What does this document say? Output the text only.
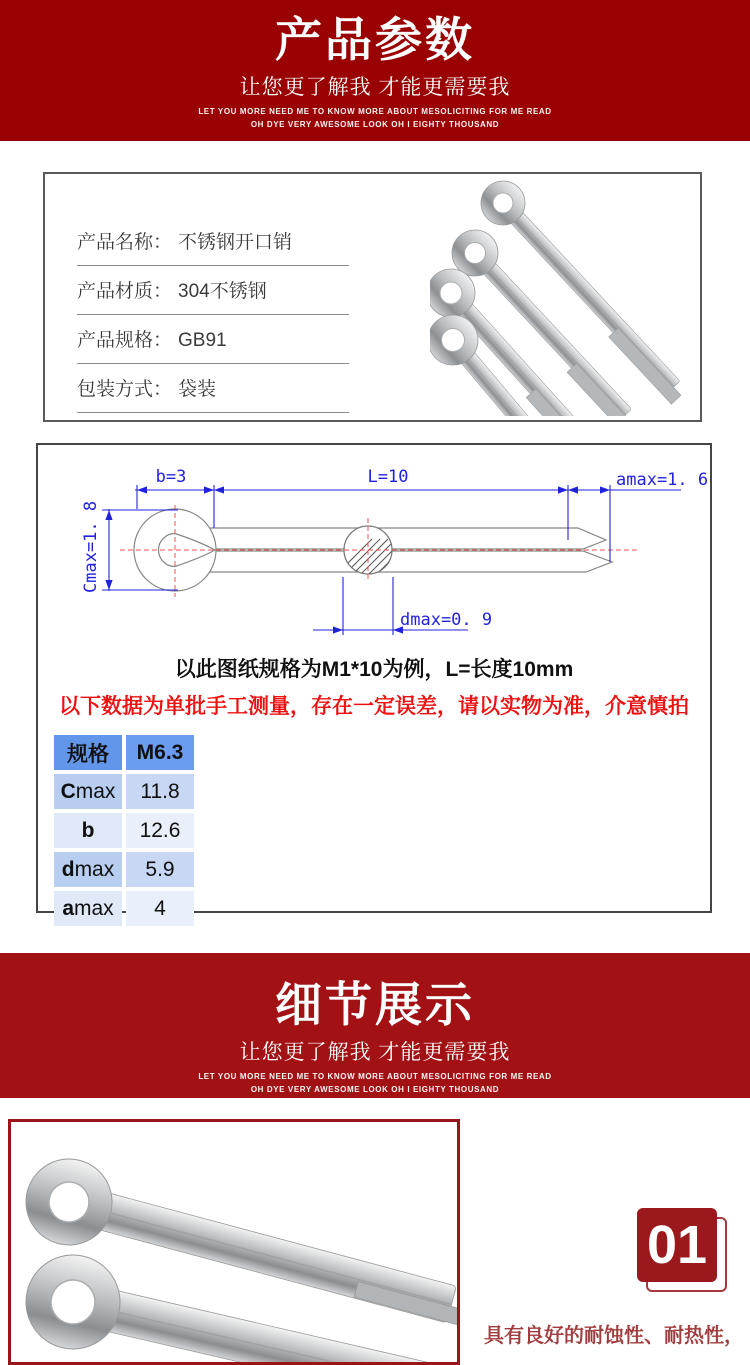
产品参数
让您更了解我 才能更需要我
LET YOU MORE NEED ME TO KNOW MORE ABOUT MESOLICITING FOR ME READ
OH DYE VERY AWESOME LOOK OH I EIGHTY THOUSAND
产品名称： 不锈钢开口销
产品材质： 304不锈钢
产品规格： GB91
包装方式： 袋装
b=3	L=10	amax=1. 6
Cmax=1. 8
dmax=0. 9
以此图纸规格为M1*10为例，L=长度10mm
以下数据为单批手工测量，存在一定误差，请以实物为准，介意慎拍
规格	M6.3
Cmax	11.8
b	12.6
dmax	5.9
amax	4
细节展示
让您更了解我 才能更需要我
LET YOU MORE NEED ME TO KNOW MORE ABOUT MESOLICITING FOR ME READ
OH DYE VERY AWESOME LOOK OH I EIGHTY THOUSAND
01
具有良好的耐蚀性、耐热性，
